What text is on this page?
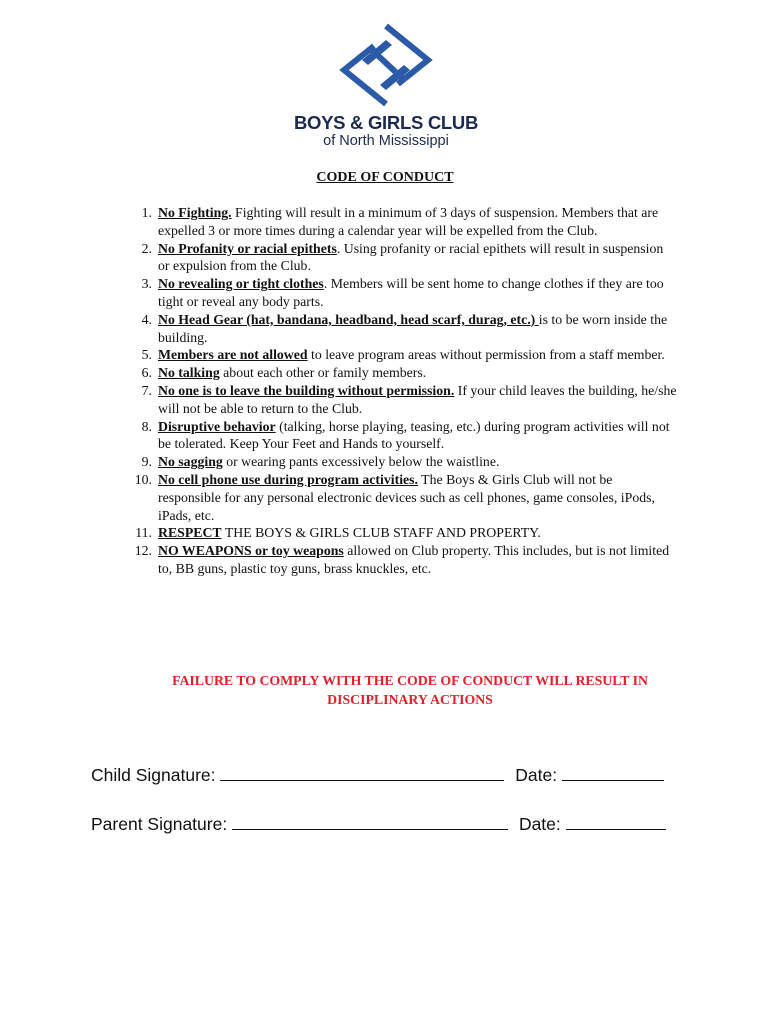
BOYS & GIRLS CLUB
of North Mississippi
CODE OF CONDUCT
1. No Fighting. Fighting will result in a minimum of 3 days of suspension. Members that are expelled 3 or more times during a calendar year will be expelled from the Club.
2. No Profanity or racial epithets. Using profanity or racial epithets will result in suspension or expulsion from the Club.
3. No revealing or tight clothes. Members will be sent home to change clothes if they are too tight or reveal any body parts.
4. No Head Gear (hat, bandana, headband, head scarf, durag, etc.) is to be worn inside the building.
5. Members are not allowed to leave program areas without permission from a staff member.
6. No talking about each other or family members.
7. No one is to leave the building without permission. If your child leaves the building, he/she will not be able to return to the Club.
8. Disruptive behavior (talking, horse playing, teasing, etc.) during program activities will not be tolerated. Keep Your Feet and Hands to yourself.
9. No sagging or wearing pants excessively below the waistline.
10. No cell phone use during program activities. The Boys & Girls Club will not be responsible for any personal electronic devices such as cell phones, game consoles, iPods, iPads, etc.
11. RESPECT THE BOYS & GIRLS CLUB STAFF AND PROPERTY.
12. NO WEAPONS or toy weapons allowed on Club property. This includes, but is not limited to, BB guns, plastic toy guns, brass knuckles, etc.
FAILURE TO COMPLY WITH THE CODE OF CONDUCT WILL RESULT IN
DISCIPLINARY ACTIONS
Child Signature:	Date:
Parent Signature:	Date:
